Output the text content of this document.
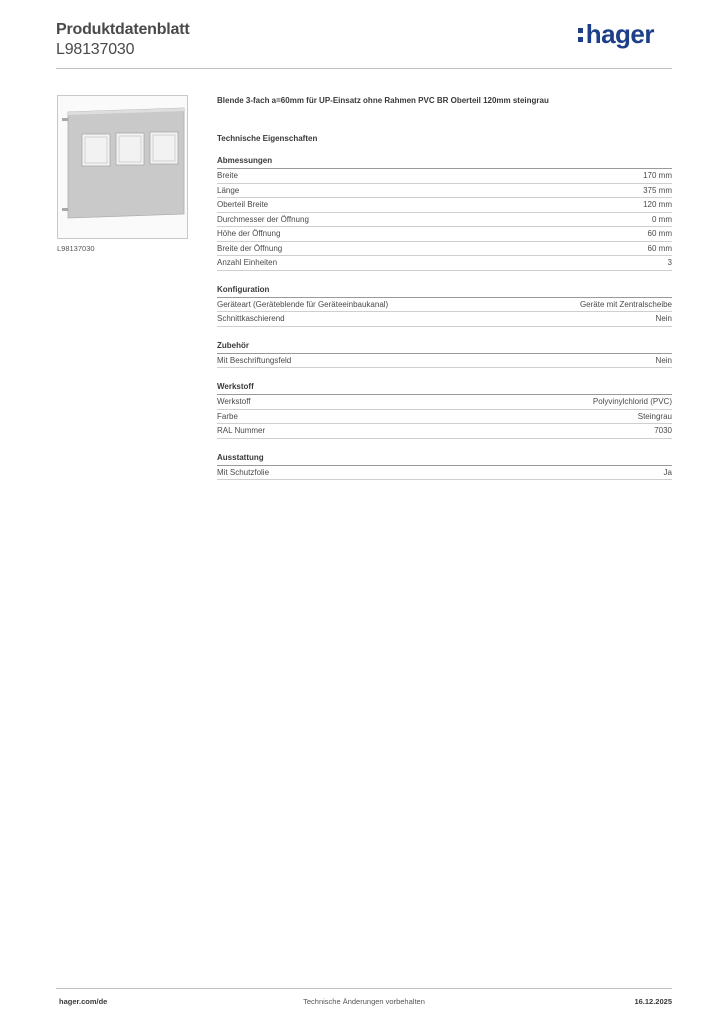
Produktdatenblatt
L98137030
hager
L98137030
Blende 3-fach a=60mm für UP-Einsatz ohne Rahmen PVC BR Oberteil 120mm steingrau
Technische Eigenschaften
Abmessungen
Breite	170 mm
Länge	375 mm
Oberteil Breite	120 mm
Durchmesser der Öffnung	0 mm
Höhe der Öffnung	60 mm
Breite der Öffnung	60 mm
Anzahl Einheiten	3
Konfiguration
Geräteart (Geräteblende für Geräteeinbaukanal)	Geräte mit Zentralscheibe
Schnittkaschierend	Nein
Zubehör
Mit Beschriftungsfeld	Nein
Werkstoff
Werkstoff	Polyvinylchlorid (PVC)
Farbe	Steingrau
RAL Nummer	7030
Ausstattung
Mit Schutzfolie	Ja
hager.com/de	Technische Änderungen vorbehalten	16.12.2025
